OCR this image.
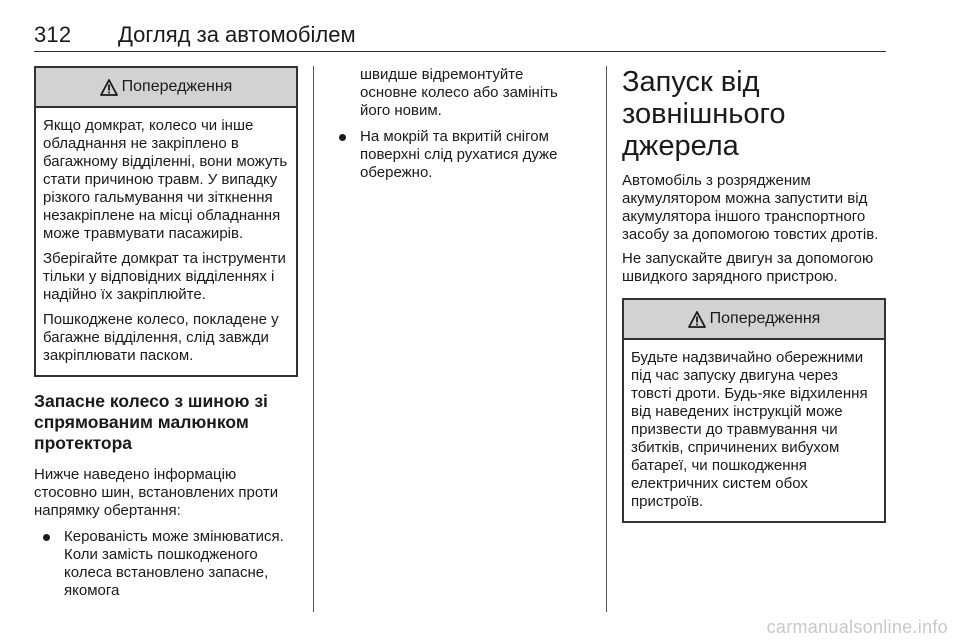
312 Догляд за автомобілем
Попередження

Якщо домкрат, колесо чи інше обладнання не закріплено в багажному відділенні, вони можуть стати причиною травм. У випадку різкого гальмування чи зіткнення незакріплене на місці обладнання може травмувати пасажирів.

Зберігайте домкрат та інструменти тільки у відповідних відділеннях і надійно їх закріплюйте.

Пошкоджене колесо, покладене у багажне відділення, слід завжди закріплювати паском.

Запасне колесо з шиною зі спрямованим малюнком протектора

Нижче наведено інформацію стосовно шин, встановлених проти напрямку обертання:

Керованість може змінюватися. Коли замість пошкодженого колеса встановлено запасне, якомога

швидше відремонтуйте основне колесо або замініть його новим.

На мокрій та вкритій снігом поверхні слід рухатися дуже обережно.
Запуск від зовнішнього джерела

Автомобіль з розрядженим акумулятором можна запустити від акумулятора іншого транспортного засобу за допомогою товстих дротів.

Не запускайте двигун за допомогою швидкого зарядного пристрою.

Попередження

Будьте надзвичайно обережними під час запуску двигуна через товсті дроти. Будь-яке відхилення від наведених інструкцій може призвести до травмування чи збитків, спричинених вибухом батареї, чи пошкодження електричних систем обох пристроїв.

carmanualsonline.info
